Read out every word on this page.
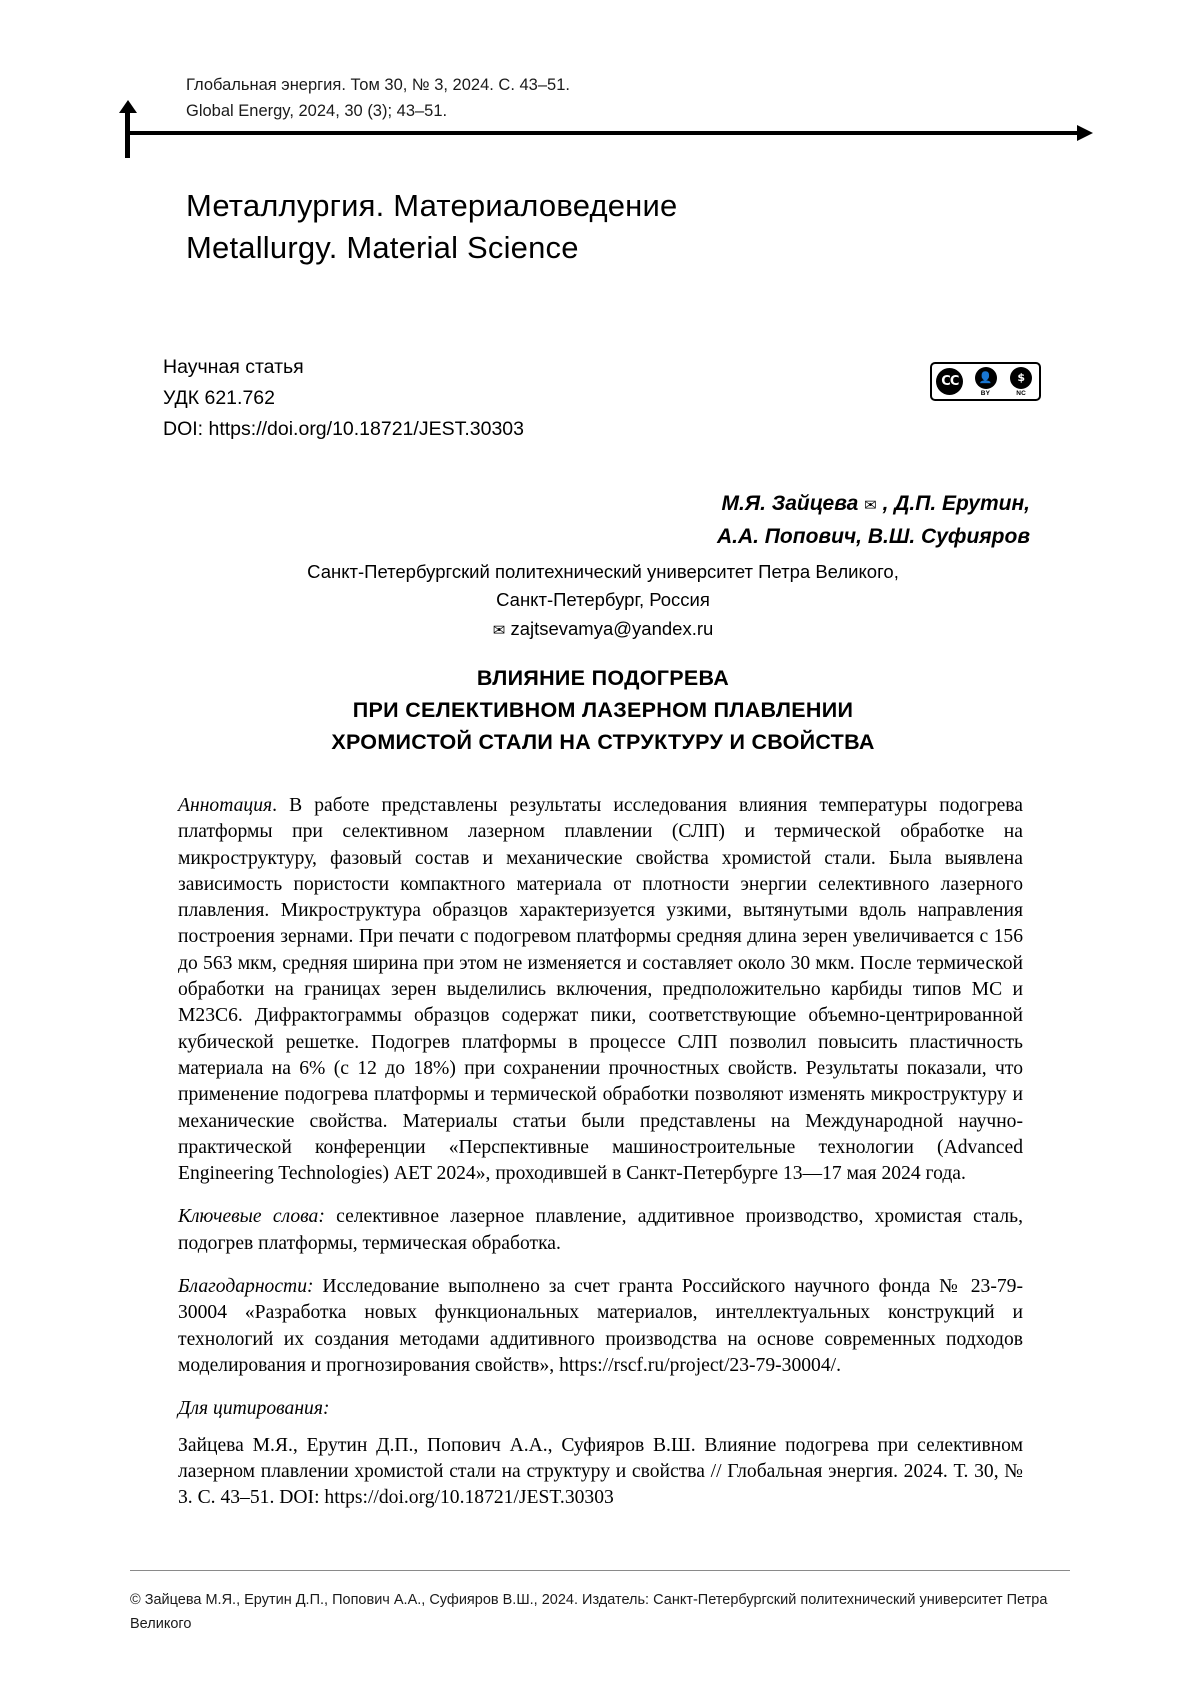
Глобальная энергия. Том 30, № 3, 2024. С. 43–51.
Global Energy, 2024, 30 (3); 43–51.
Металлургия. Материаловедение
Metallurgy. Material Science
Научная статья
УДК 621.762
DOI: https://doi.org/10.18721/JEST.30303
CC	👤
BY
$
NC
М.Я. Зайцева ✉ , Д.П. Ерутин,
А.А. Попович, В.Ш. Суфияров
Санкт-Петербургский политехнический университет Петра Великого,
Санкт-Петербург, Россия
✉ zajtsevamya@yandex.ru
ВЛИЯНИЕ ПОДОГРЕВА
ПРИ СЕЛЕКТИВНОМ ЛАЗЕРНОМ ПЛАВЛЕНИИ
ХРОМИСТОЙ СТАЛИ НА СТРУКТУРУ И СВОЙСТВА

Аннотация. В работе представлены результаты исследования влияния температуры подогрева платформы при селективном лазерном плавлении (СЛП) и термической обработке на микроструктуру, фазовый состав и механические свойства хромистой стали. Была выявлена зависимость пористости компактного материала от плотности энергии селективного лазерного плавления. Микроструктура образцов характеризуется узкими, вытянутыми вдоль направления построения зернами. При печати с подогревом платформы средняя длина зерен увеличивается с 156 до 563 мкм, средняя ширина при этом не изменяется и составляет около 30 мкм. После термической обработки на границах зерен выделились включения, предположительно карбиды типов МС и М23С6. Дифрактограммы образцов содержат пики, соответствующие объемно-центрированной кубической решетке. Подогрев платформы в процессе СЛП позволил повысить пластичность материала на 6% (с 12 до 18%) при сохранении прочностных свойств. Результаты показали, что применение подогрева платформы и термической обработки позволяют изменять микроструктуру и механические свойства. Материалы статьи были представлены на Международной научно-практической конференции «Перспективные машиностроительные технологии (Advanced Engineering Technologies) AET 2024», проходившей в Санкт-Петербурге 13—17 мая 2024 года.

Ключевые слова: селективное лазерное плавление, аддитивное производство, хромистая сталь, подогрев платформы, термическая обработка.

Благодарности: Исследование выполнено за счет гранта Российского научного фонда № 23-79-30004 «Разработка новых функциональных материалов, интеллектуальных конструкций и технологий их создания методами аддитивного производства на основе современных подходов моделирования и прогнозирования свойств», https://rscf.ru/project/23-79-30004/.

Для цитирования:

Зайцева М.Я., Ерутин Д.П., Попович А.А., Суфияров В.Ш. Влияние подогрева при селективном лазерном плавлении хромистой стали на структуру и свойства // Глобальная энергия. 2024. Т. 30, № 3. С. 43–51. DOI: https://doi.org/10.18721/JEST.30303

© Зайцева М.Я., Ерутин Д.П., Попович А.А., Суфияров В.Ш., 2024. Издатель: Санкт-Петербургский политехнический университет Петра Великого
